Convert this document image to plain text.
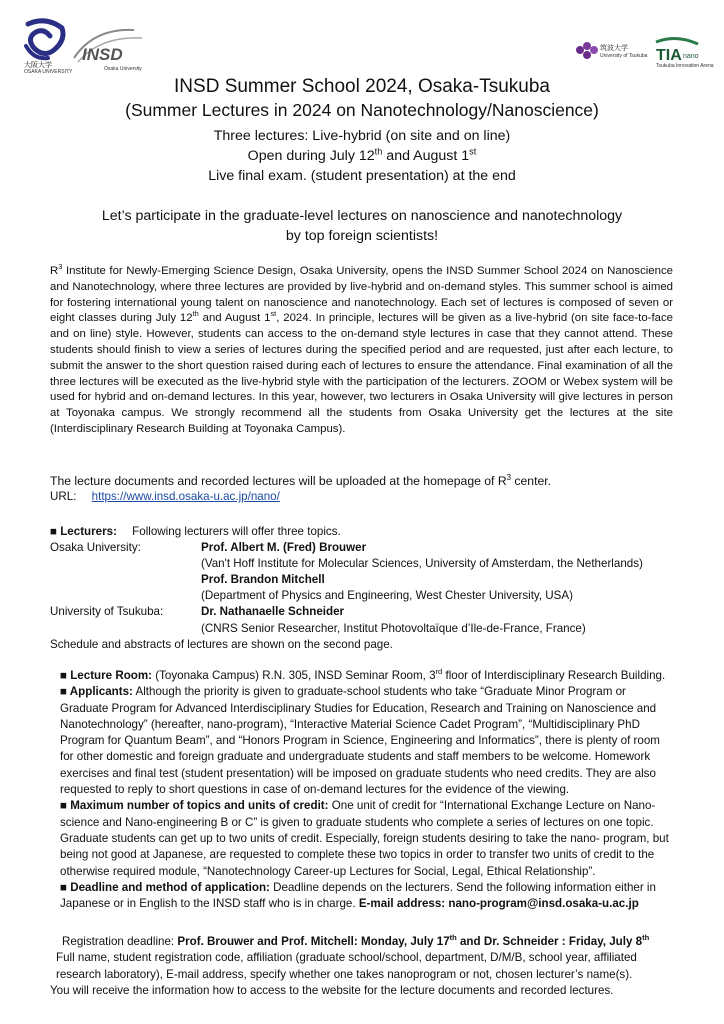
大阪大学
OSAKA UNIVERSITY
INSD
Osaka University
筑波大学
University of Tsukuba TIA nano
Tsukuba Innovation Arena
INSD Summer School 2024, Osaka-Tsukuba
(Summer Lectures in 2024 on Nanotechnology/Nanoscience)
Three lectures: Live-hybrid (on site and on line)
Open during July 12th and August 1st
Live final exam. (student presentation) at the end
Let’s participate in the graduate-level lectures on nanoscience and nanotechnology
by top foreign scientists!
$R^3$ Institute for Newly-Emerging Science Design, Osaka University, opens the INSD Summer School 2024 on Nanoscience and Nanotechnology, where three lectures are provided by live-hybrid and on-demand styles. This summer school is aimed for fostering international young talent on nanoscience and nanotechnology. Each set of lectures is composed of seven or eight classes during July 12th and August 1st, 2024. In principle, lectures will be given as a live-hybrid (on site face-to-face and on line) style. However, students can access to the on-demand style lectures in case that they cannot attend. These students should finish to view a series of lectures during the specified period and are requested, just after each lecture, to submit the answer to the short question raised during each of lectures to ensure the attendance. Final examination of all the three lectures will be executed as the live-hybrid style with the participation of the lecturers. ZOOM or Webex system will be used for hybrid and on-demand lectures. In this year, however, two lecturers in Osaka University will give lectures in person at Toyonaka campus. We strongly recommend all the students from Osaka University get the lectures at the site (Interdisciplinary Research Building at Toyonaka Campus).
The lecture documents and recorded lectures will be uploaded at the homepage of $R^3$ center.
URL: https://www.insd.osaka-u.ac.jp/nano/
■ Lecturers: Following lecturers will offer three topics.
Osaka University:	Prof. Albert M. (Fred) Brouwer
(Van't Hoff Institute for Molecular Sciences, University of Amsterdam, the Netherlands)
Prof. Brandon Mitchell
(Department of Physics and Engineering, West Chester University, USA)
University of Tsukuba:	Dr. Nathanaelle Schneider
(CNRS Senior Researcher, Institut Photovoltaïque d’Ile-de-France, France)
Schedule and abstracts of lectures are shown on the second page.
■ Lecture Room: (Toyonaka Campus) R.N. 305, INSD Seminar Room, 3rd floor of Interdisciplinary Research Building.
■ Applicants: Although the priority is given to graduate-school students who take “Graduate Minor Program or Graduate Program for Advanced Interdisciplinary Studies for Education, Research and Training on Nanoscience and Nanotechnology” (hereafter, nano-program), “Interactive Material Science Cadet Program”, “Multidisciplinary PhD Program for Quantum Beam”, and “Honors Program in Science, Engineering and Informatics”, there is plenty of room for other domestic and foreign graduate and undergraduate students and staff members to be welcome. Homework exercises and final test (student presentation) will be imposed on graduate students who need credits. They are also requested to reply to short questions in case of on-demand lectures for the evidence of the viewing.
■ Maximum number of topics and units of credit: One unit of credit for “International Exchange Lecture on Nano-science and Nano-engineering B or C” is given to graduate students who complete a series of lectures on one topic. Graduate students can get up to two units of credit. Especially, foreign students desiring to take the nano- program, but being not good at Japanese, are requested to complete these two topics in order to transfer two units of credit to the otherwise required module, “Nanotechnology Career-up Lectures for Social, Legal, Ethical Relationship”.
■ Deadline and method of application: Deadline depends on the lecturers. Send the following information either in Japanese or in English to the INSD staff who is in charge. E-mail address: nano-program@insd.osaka-u.ac.jp
Registration deadline: Prof. Brouwer and Prof. Mitchell: Monday, July 17th and Dr. Schneider : Friday, July 8th
Full name, student registration code, affiliation (graduate school/school, department, D/M/B, school year, affiliated research laboratory), E-mail address, specify whether one takes nanoprogram or not, chosen lecturer’s name(s).
You will receive the information how to access to the website for the lecture documents and recorded lectures.
